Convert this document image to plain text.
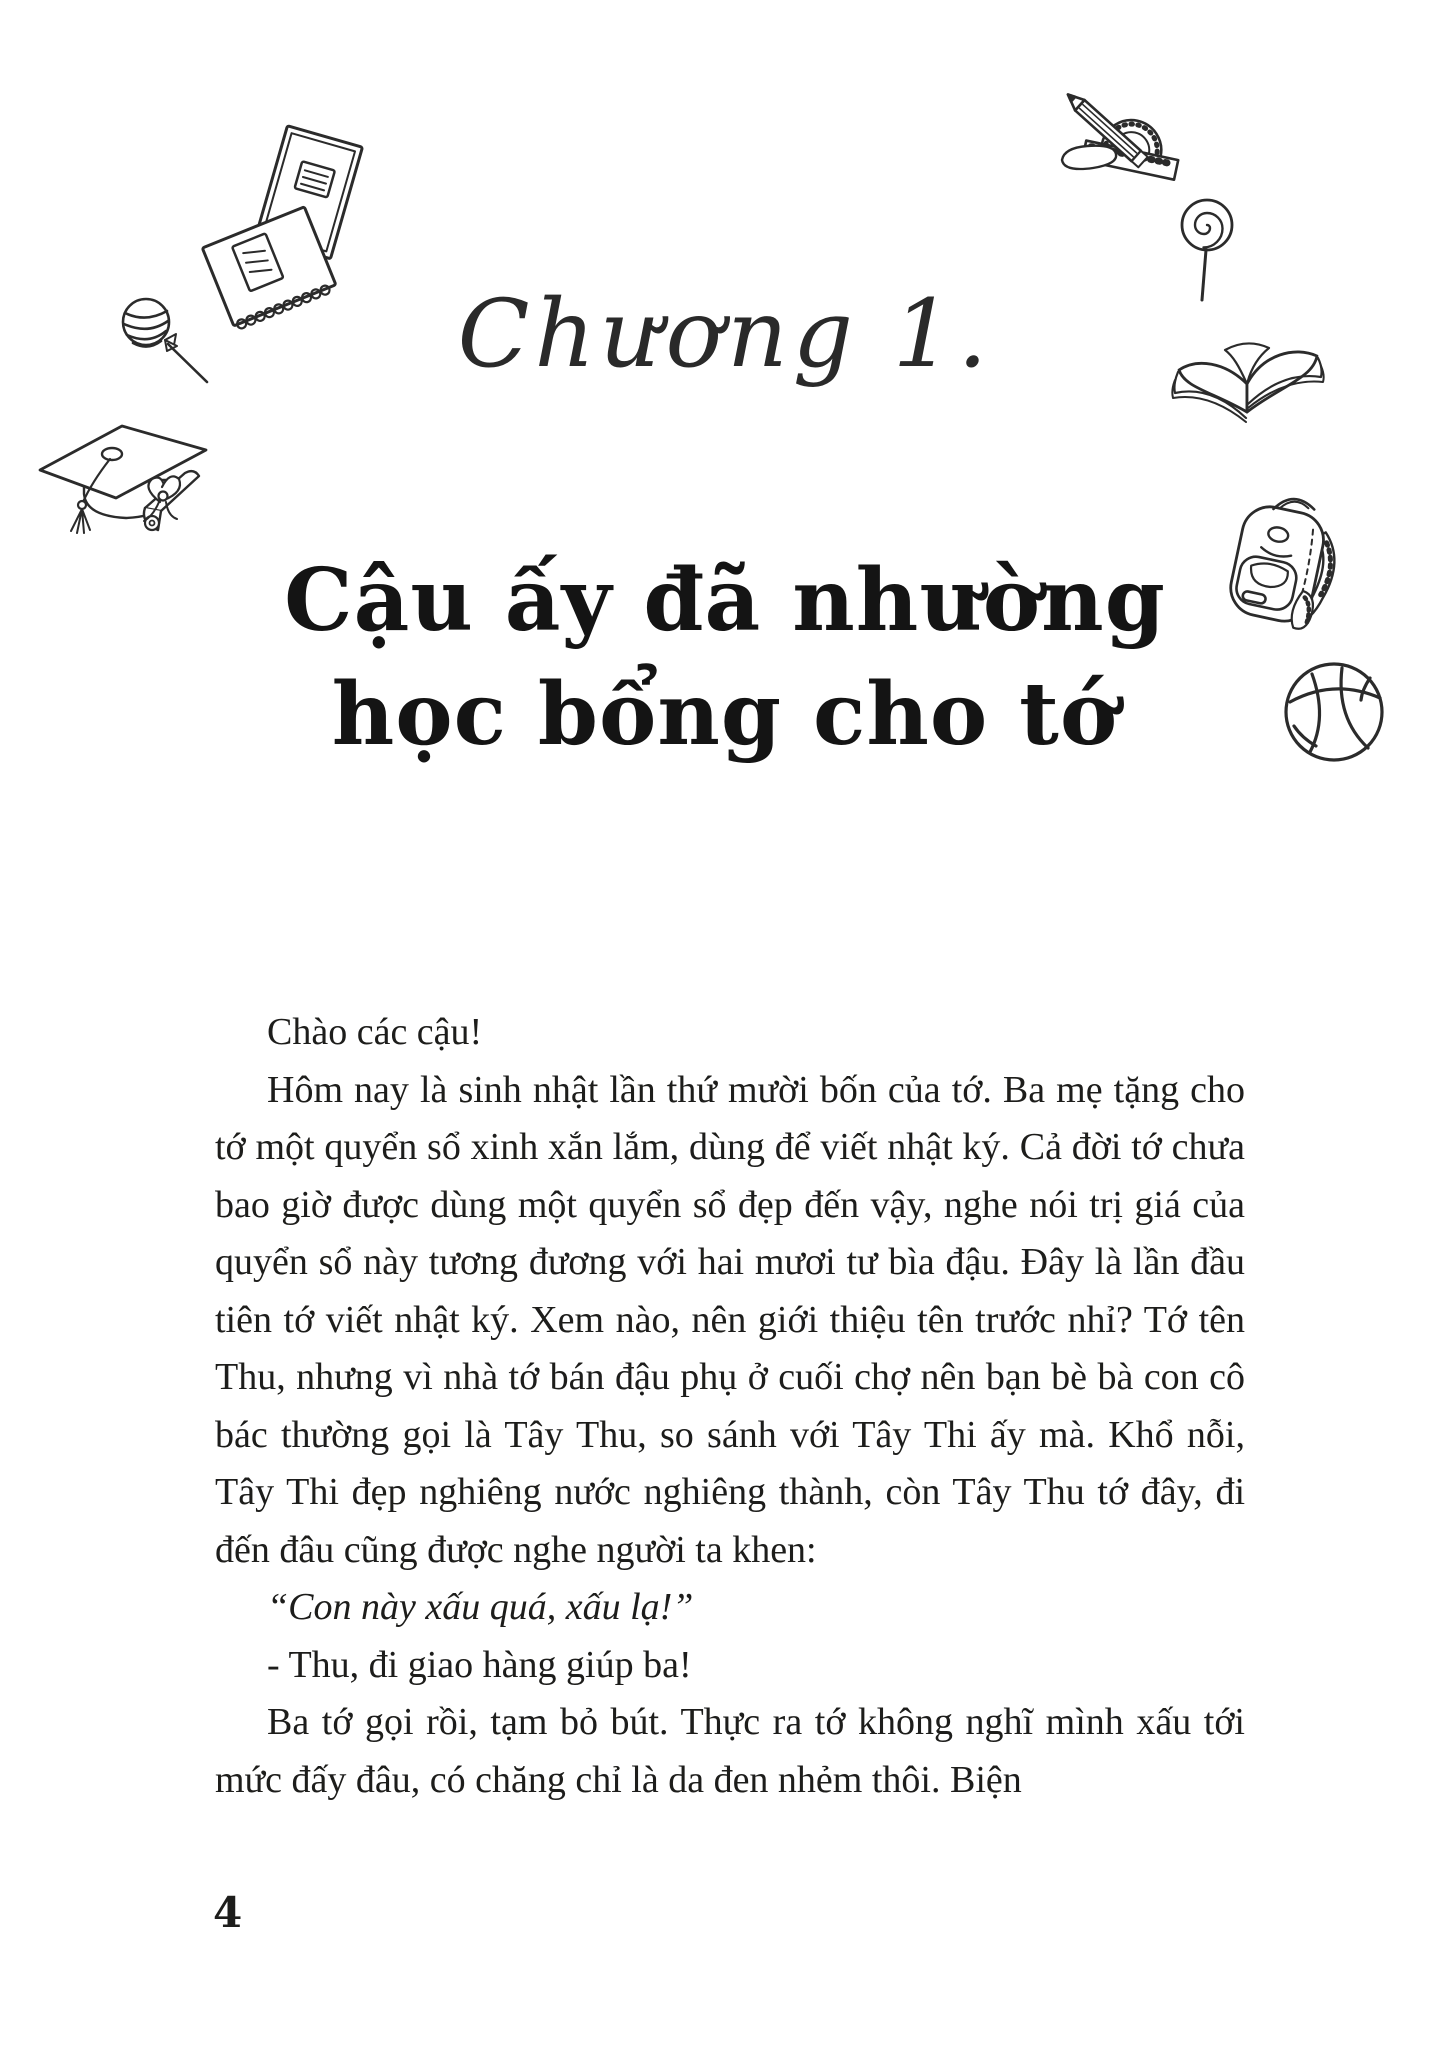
Chương 1.
Cậu ấy đã nhường
học bổng cho tớ

Chào các cậu!

Hôm nay là sinh nhật lần thứ mười bốn của tớ. Ba mẹ tặng cho tớ một quyển sổ xinh xắn lắm, dùng để viết nhật ký. Cả đời tớ chưa bao giờ được dùng một quyển sổ đẹp đến vậy, nghe nói trị giá của quyển sổ này tương đương với hai mươi tư bìa đậu. Đây là lần đầu tiên tớ viết nhật ký. Xem nào, nên giới thiệu tên trước nhỉ? Tớ tên Thu, nhưng vì nhà tớ bán đậu phụ ở cuối chợ nên bạn bè bà con cô bác thường gọi là Tây Thu, so sánh với Tây Thi ấy mà. Khổ nỗi, Tây Thi đẹp nghiêng nước nghiêng thành, còn Tây Thu tớ đây, đi đến đâu cũng được nghe người ta khen:

“Con này xấu quá, xấu lạ!”

- Thu, đi giao hàng giúp ba!

Ba tớ gọi rồi, tạm bỏ bút. Thực ra tớ không nghĩ mình xấu tới mức đấy đâu, có chăng chỉ là da đen nhẻm thôi. Biện

4
